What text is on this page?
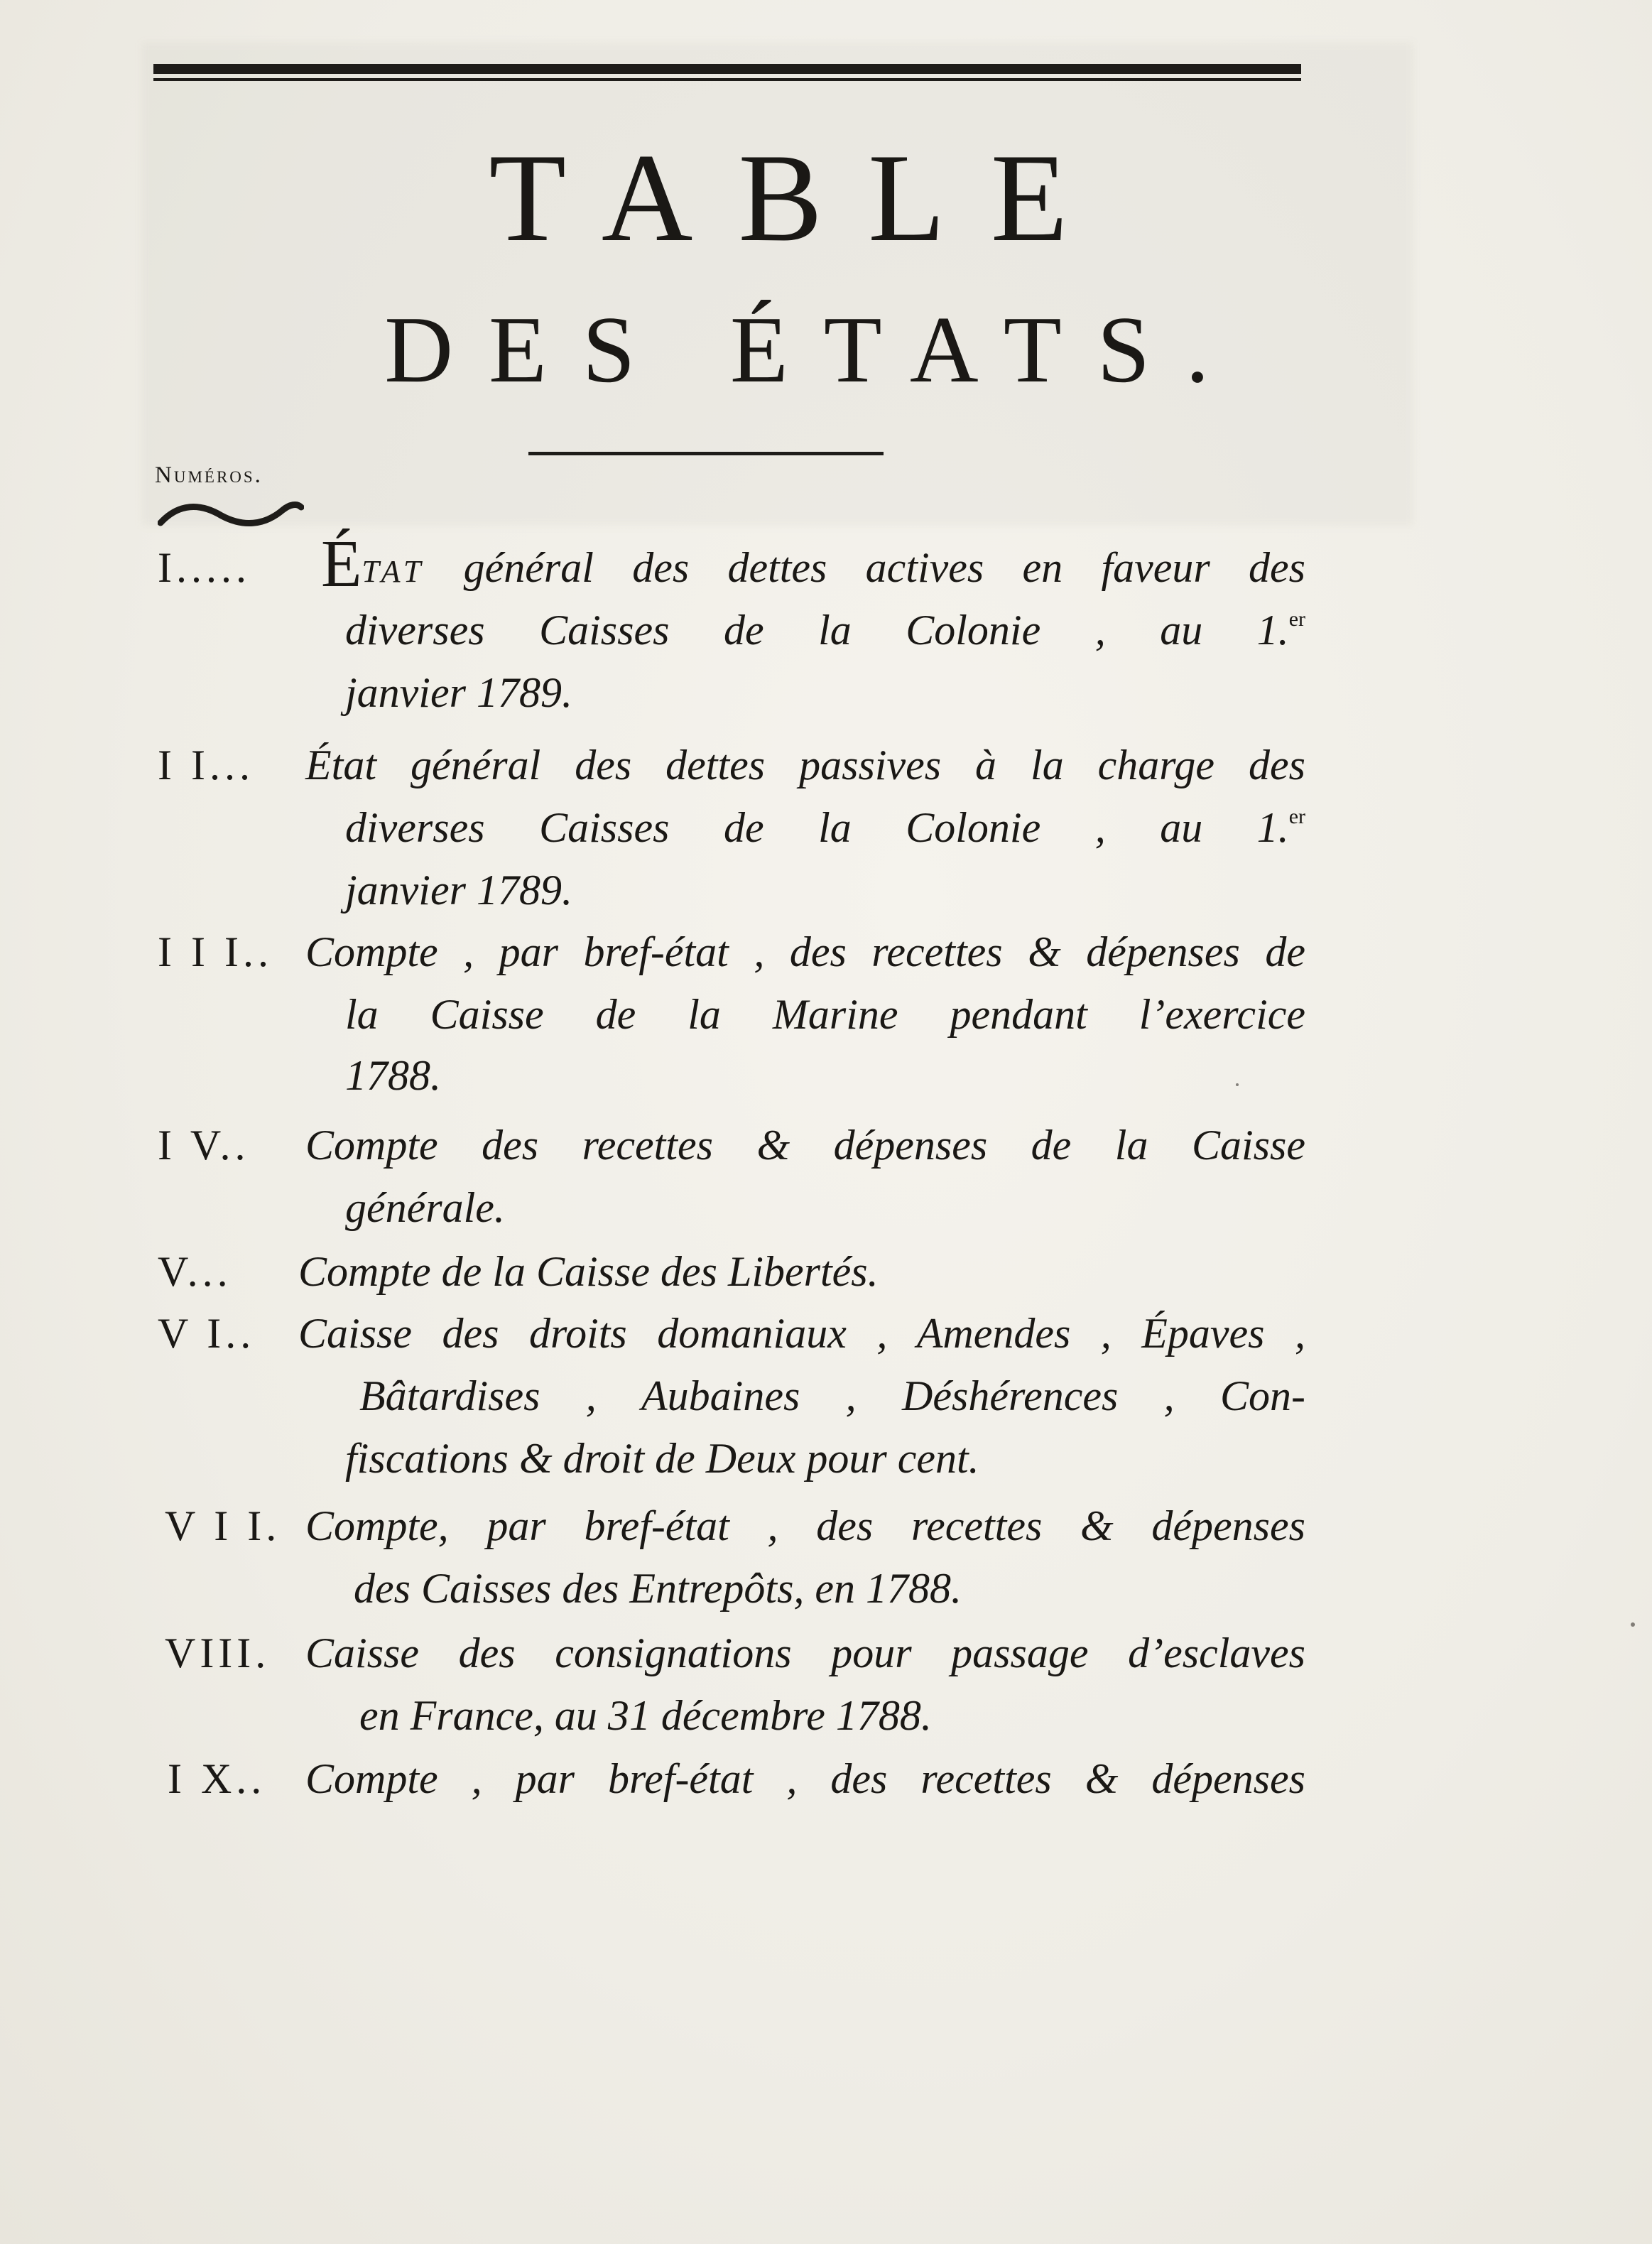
TABLE
DES ÉTATS.
Numéros.
I..... ÉTAT général des dettes actives en faveur des
diverses Caisses de la Colonie , au 1.$^{er}$
janvier 1789.
I I... État général des dettes passives à la charge des
diverses Caisses de la Colonie , au 1.$^{er}$
janvier 1789.
I I I.. Compte , par bref-état , des recettes & dépenses de
la Caisse de la Marine pendant l’exercice
1788.
I V.. Compte des recettes & dépenses de la Caisse
générale.
V... Compte de la Caisse des Libertés.
V I.. Caisse des droits domaniaux , Amendes , Épaves ,
Bâtardises , Aubaines , Déshérences , Con-
fiscations & droit de Deux pour cent.
V I I. Compte, par bref-état , des recettes & dépenses
des Caisses des Entrepôts, en 1788.
VIII. Caisse des consignations pour passage d’esclaves
en France, au 31 décembre 1788.
I X.. Compte , par bref-état , des recettes & dépenses
